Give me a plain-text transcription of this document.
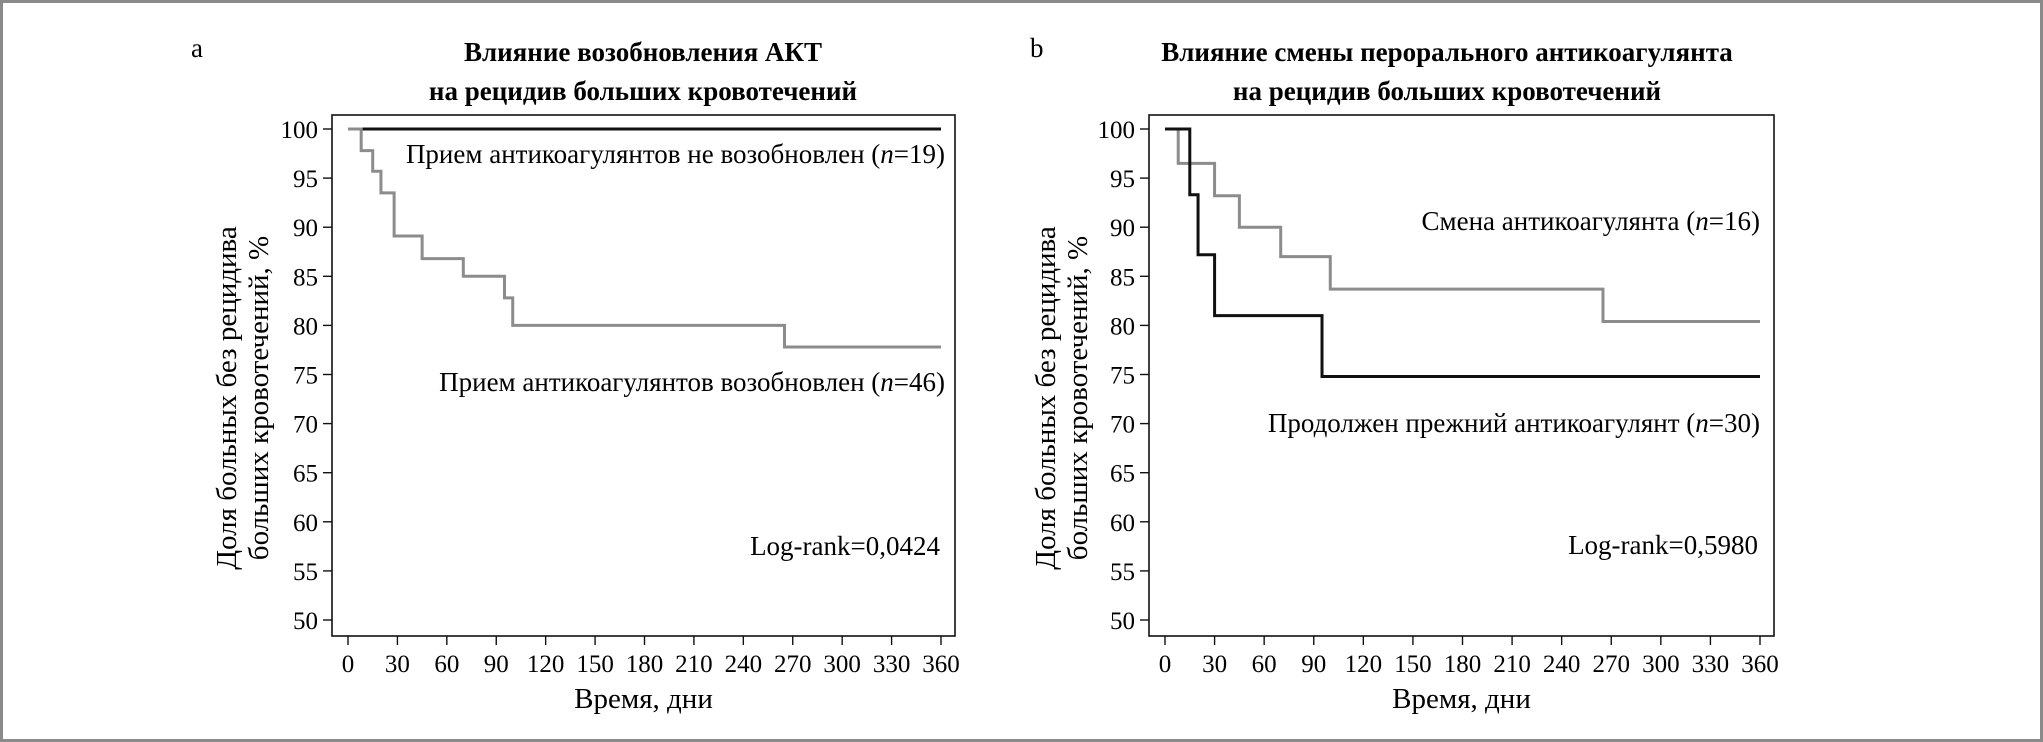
a	Влияние возобновления АКТ
на рецидив больших кровотечений
50
55
60
65
70
75
80
85
90
95
100
0 30 60 90 120 150 180 210 240 270 300 330 360
Время, дни
Доля больных без рецидива больших кровотечений, %
Прием антикоагулянтов не возобновлен (n=19)
Прием антикоагулянтов возобновлен (n=46)
Log-rank=0,0424
b	Влияние смены перорального антикоагулянта
на рецидив больших кровотечений
50
55
60
65
70
75
80
85
90
95
100
0 30 60 90 120 150 180 210 240 270 300 330 360
Время, дни
Доля больных без рецидива больших кровотечений, %
Смена антикоагулянта (n=16)
Продолжен прежний антикоагулянт (n=30)
Log-rank=0,5980
